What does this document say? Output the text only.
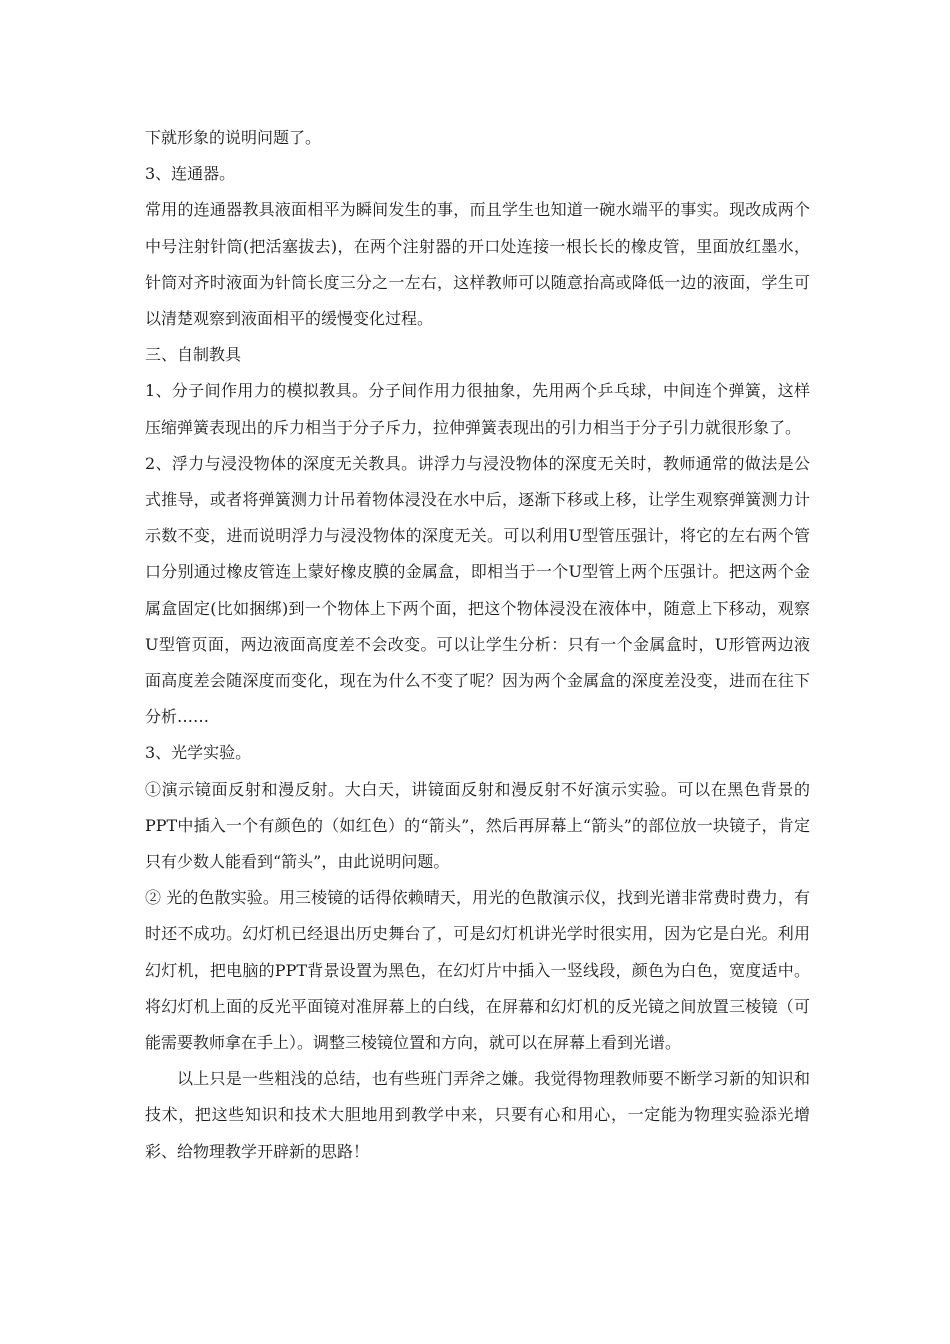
下就形象的说明问题了。

3、连通器。

常用的连通器教具液面相平为瞬间发生的事，而且学生也知道一碗水端平的事实。现改成两个中号注射针筒(把活塞拔去)，在两个注射器的开口处连接一根长长的橡皮管，里面放红墨水，针筒对齐时液面为针筒长度三分之一左右，这样教师可以随意抬高或降低一边的液面，学生可以清楚观察到液面相平的缓慢变化过程。

三、自制教具

1、分子间作用力的模拟教具。分子间作用力很抽象，先用两个乒乓球，中间连个弹簧，这样压缩弹簧表现出的斥力相当于分子斥力，拉伸弹簧表现出的引力相当于分子引力就很形象了。

2、浮力与浸没物体的深度无关教具。讲浮力与浸没物体的深度无关时，教师通常的做法是公式推导，或者将弹簧测力计吊着物体浸没在水中后，逐渐下移或上移，让学生观察弹簧测力计示数不变，进而说明浮力与浸没物体的深度无关。可以利用U型管压强计，将它的左右两个管口分别通过橡皮管连上蒙好橡皮膜的金属盒，即相当于一个U型管上两个压强计。把这两个金属盒固定(比如捆绑)到一个物体上下两个面，把这个物体浸没在液体中，随意上下移动，观察U型管页面，两边液面高度差不会改变。可以让学生分析：只有一个金属盒时，U形管两边液面高度差会随深度而变化，现在为什么不变了呢？因为两个金属盒的深度差没变，进而在往下分析……

3、光学实验。

①演示镜面反射和漫反射。大白天，讲镜面反射和漫反射不好演示实验。可以在黑色背景的PPT中插入一个有颜色的（如红色）的“箭头”，然后再屏幕上“箭头”的部位放一块镜子，肯定只有少数人能看到“箭头”，由此说明问题。

② 光的色散实验。用三棱镜的话得依赖晴天，用光的色散演示仪，找到光谱非常费时费力，有时还不成功。幻灯机已经退出历史舞台了，可是幻灯机讲光学时很实用，因为它是白光。利用幻灯机，把电脑的PPT背景设置为黑色，在幻灯片中插入一竖线段，颜色为白色，宽度适中。将幻灯机上面的反光平面镜对准屏幕上的白线，在屏幕和幻灯机的反光镜之间放置三棱镜（可能需要教师拿在手上）。调整三棱镜位置和方向，就可以在屏幕上看到光谱。

以上只是一些粗浅的总结，也有些班门弄斧之嫌。我觉得物理教师要不断学习新的知识和技术，把这些知识和技术大胆地用到教学中来，只要有心和用心，一定能为物理实验添光增彩、给物理教学开辟新的思路！
